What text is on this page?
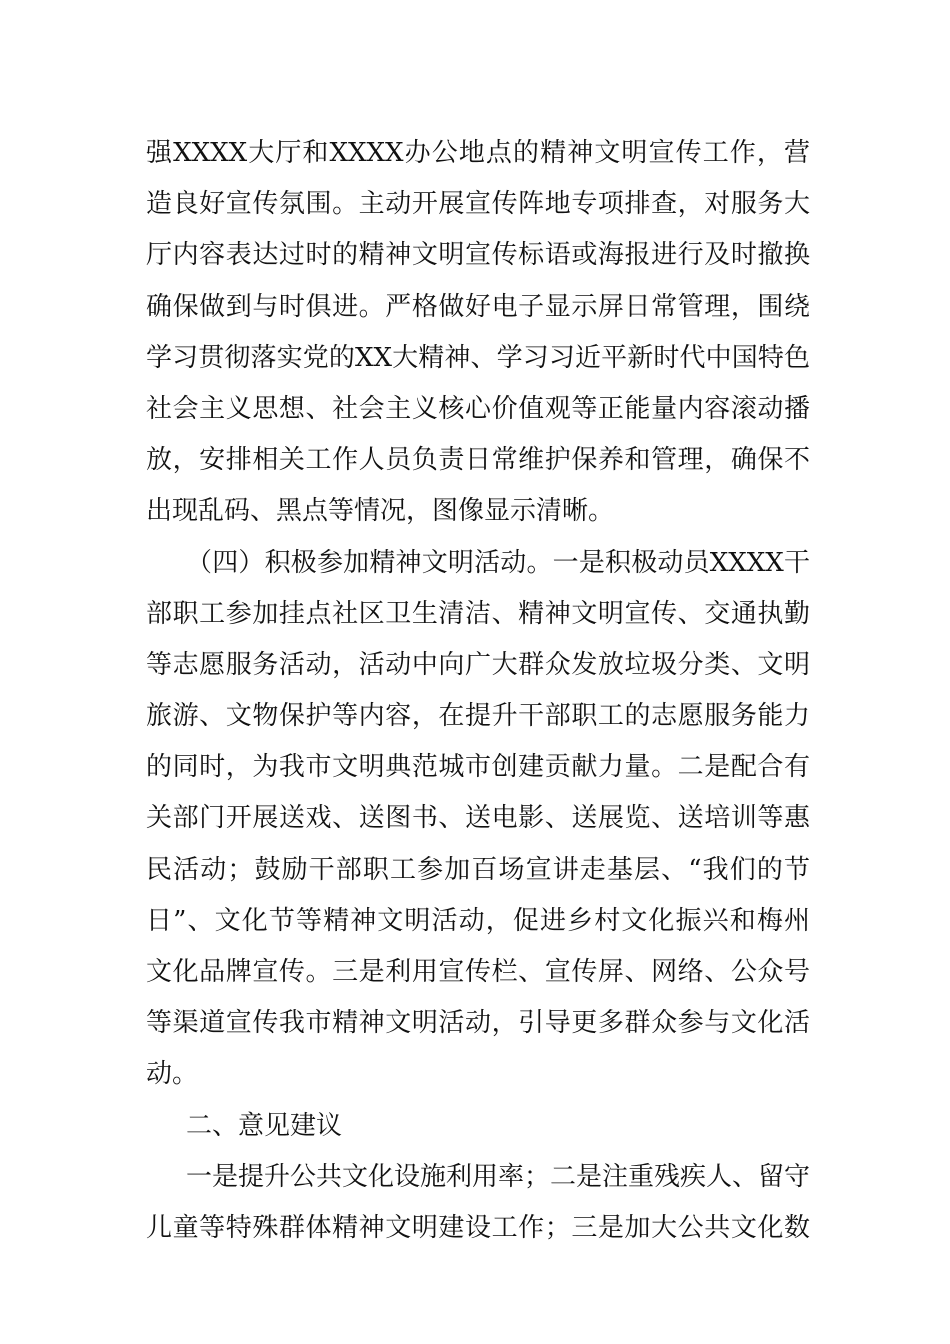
强XXXX大厅和XXXX办公地点的精神文明宣传工作，营
造良好宣传氛围。主动开展宣传阵地专项排查，对服务大
厅内容表达过时的精神文明宣传标语或海报进行及时撤换
确保做到与时俱进。严格做好电子显示屏日常管理，围绕
学习贯彻落实党的XX大精神、学习习近平新时代中国特色
社会主义思想、社会主义核心价值观等正能量内容滚动播
放，安排相关工作人员负责日常维护保养和管理，确保不
出现乱码、黑点等情况，图像显示清晰。
（四）积极参加精神文明活动。一是积极动员XXXX干
部职工参加挂点社区卫生清洁、精神文明宣传、交通执勤
等志愿服务活动，活动中向广大群众发放垃圾分类、文明
旅游、文物保护等内容，在提升干部职工的志愿服务能力
的同时，为我市文明典范城市创建贡献力量。二是配合有
关部门开展送戏、送图书、送电影、送展览、送培训等惠
民活动；鼓励干部职工参加百场宣讲走基层、“我们的节
日”、文化节等精神文明活动，促进乡村文化振兴和梅州
文化品牌宣传。三是利用宣传栏、宣传屏、网络、公众号
等渠道宣传我市精神文明活动，引导更多群众参与文化活
动。
二、意见建议
一是提升公共文化设施利用率；二是注重残疾人、留守
儿童等特殊群体精神文明建设工作；三是加大公共文化数
